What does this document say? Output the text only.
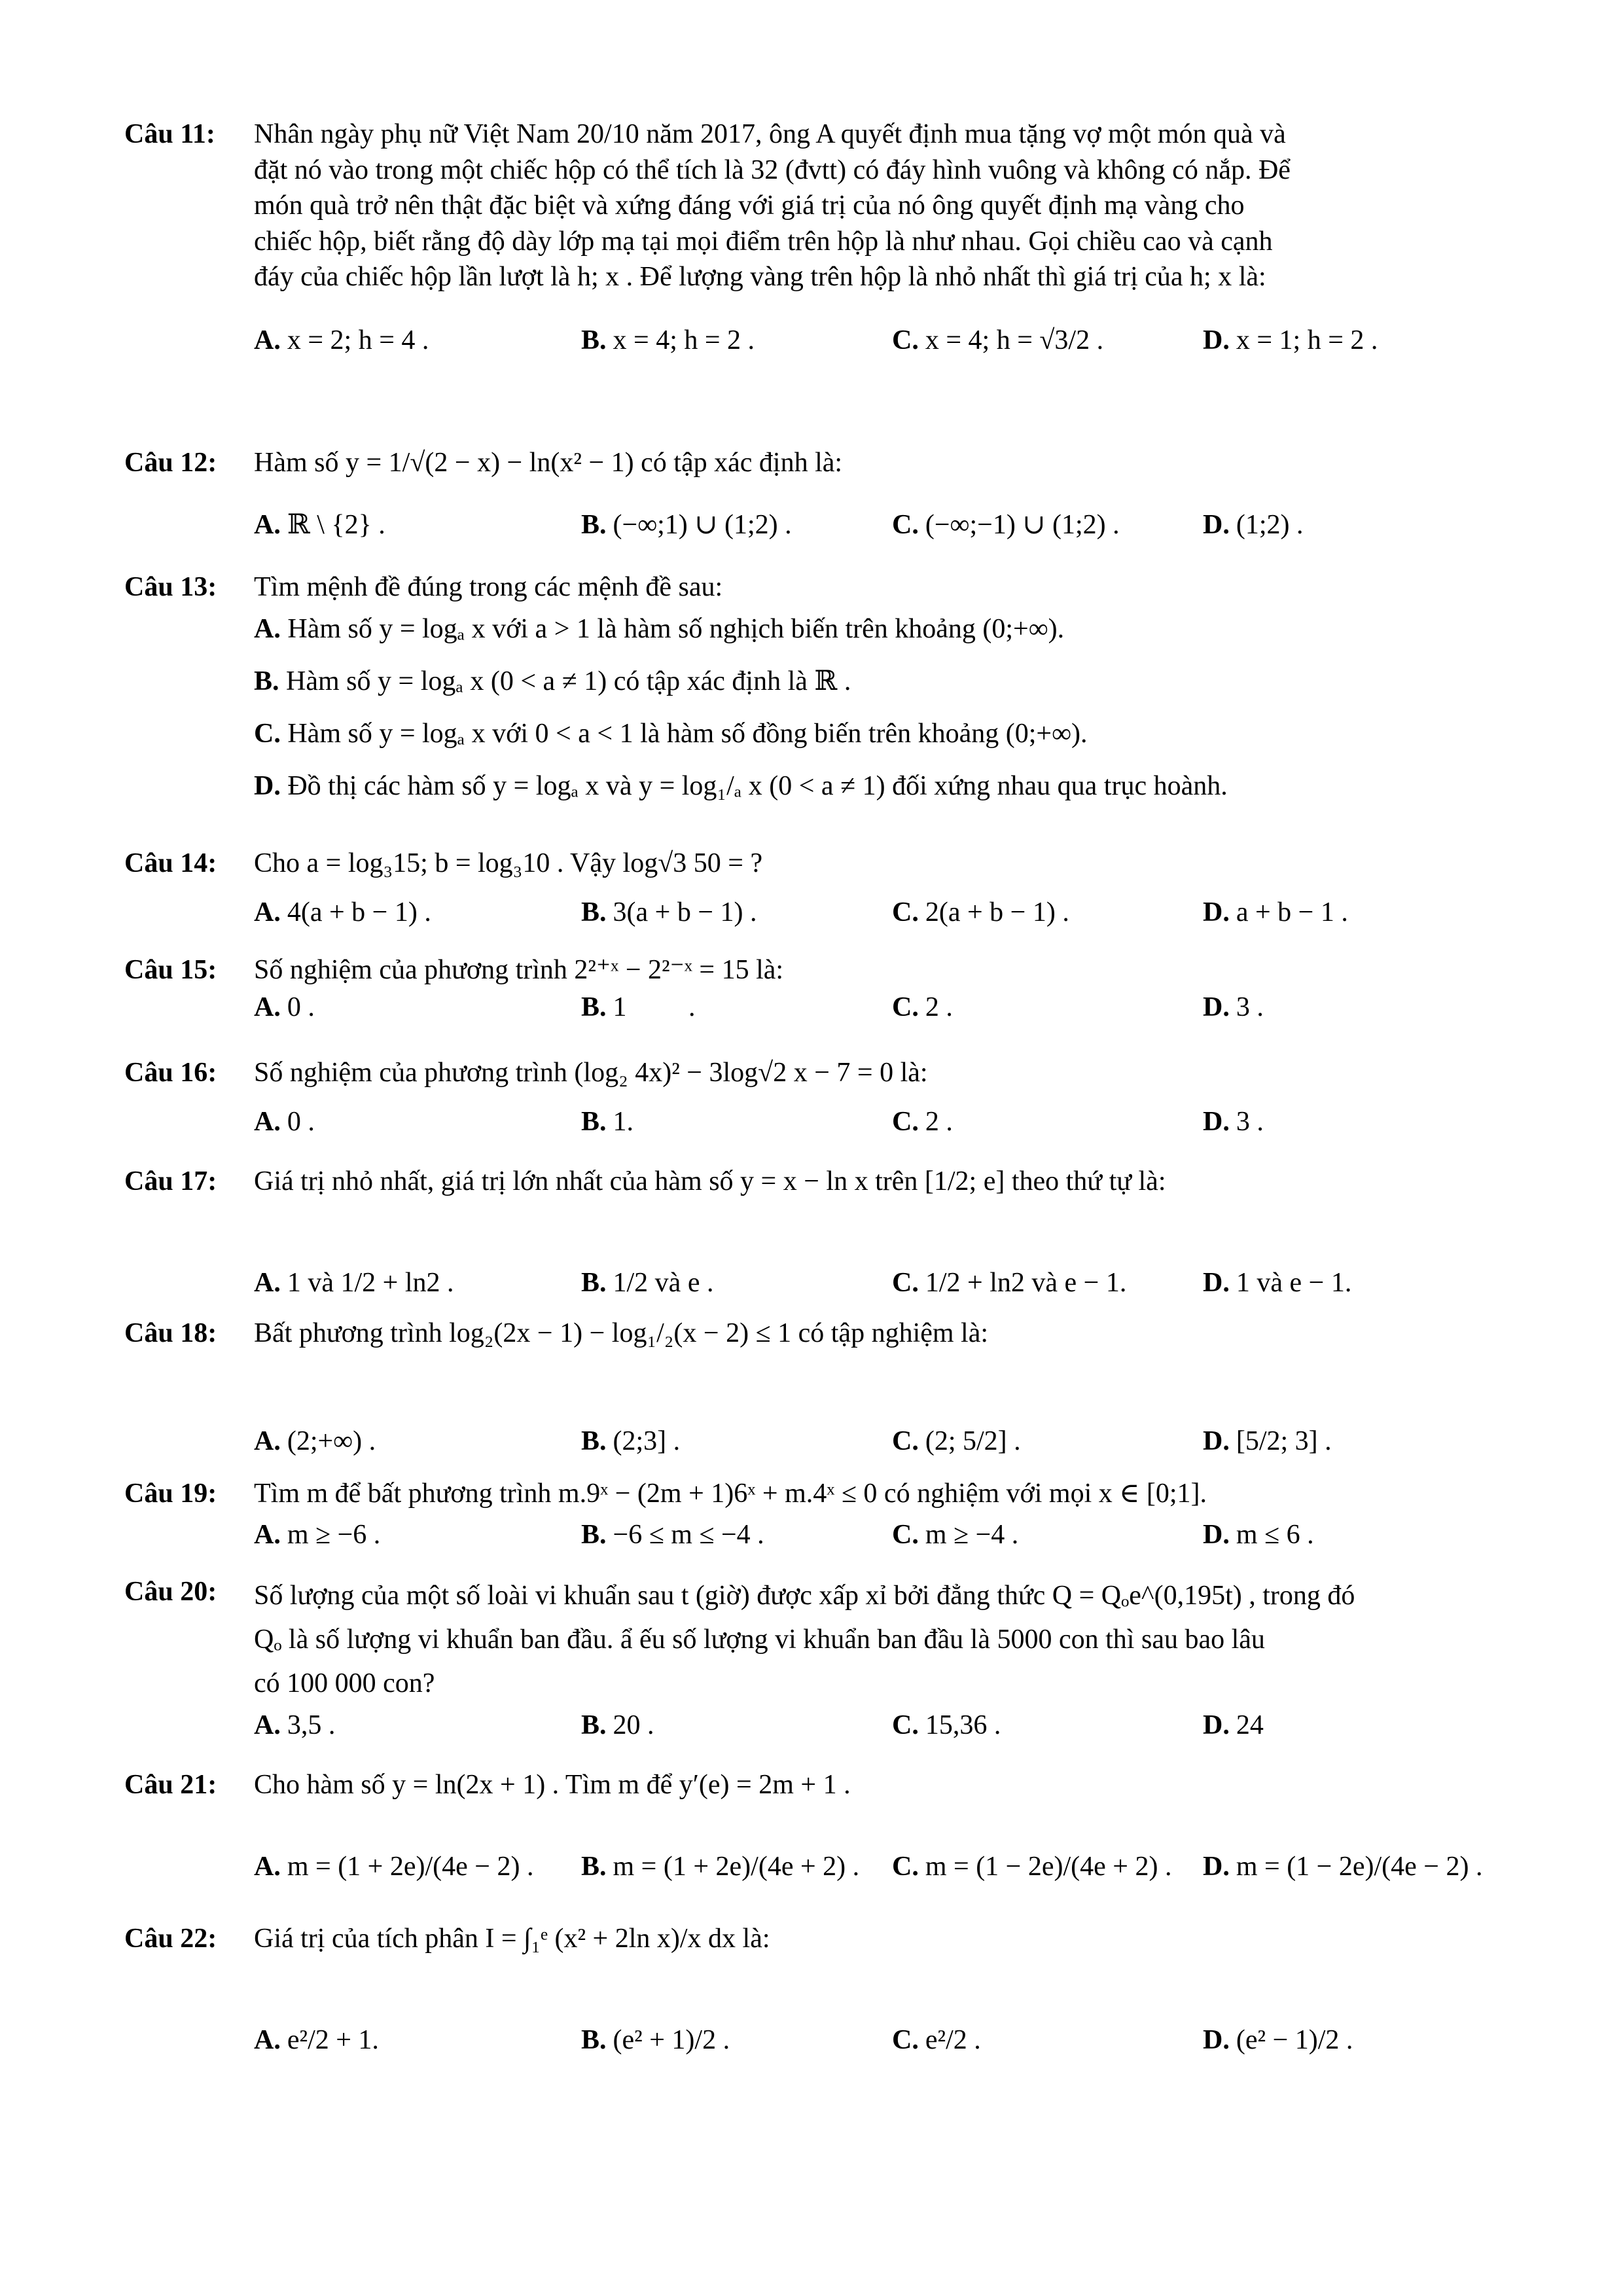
Câu 11:	Nhân ngày phụ nữ Việt Nam 20/10 năm 2017, ông A quyết định mua tặng vợ một món quà và
đặt nó vào trong một chiếc hộp có thể tích là 32 (đvtt) có đáy hình vuông và không có nắp. Để
món quà trở nên thật đặc biệt và xứng đáng với giá trị của nó ông quyết định mạ vàng cho
chiếc hộp, biết rằng độ dày lớp mạ tại mọi điểm trên hộp là như nhau. Gọi chiều cao và cạnh
đáy của chiếc hộp lần lượt là h; x . Để lượng vàng trên hộp là nhỏ nhất thì giá trị của h; x là:
A. x = 2; h = 4 .	B. x = 4; h = 2 .	C. x = 4; h = √3/2 .	D. x = 1; h = 2 .
Câu 12:	Hàm số y = 1/√(2 − x) − ln(x² − 1) có tập xác định là:
A. ℝ \ {2} .	B. (−∞;1) ∪ (1;2) .	C. (−∞;−1) ∪ (1;2) .	D. (1;2) .
Câu 13:	Tìm mệnh đề đúng trong các mệnh đề sau:
A. Hàm số y = logₐ x với a > 1 là hàm số nghịch biến trên khoảng (0;+∞).
B. Hàm số y = logₐ x (0 < a ≠ 1) có tập xác định là ℝ .
C. Hàm số y = logₐ x với 0 < a < 1 là hàm số đồng biến trên khoảng (0;+∞).
D. Đồ thị các hàm số y = logₐ x và y = log₁/ₐ x (0 < a ≠ 1) đối xứng nhau qua trục hoành.
Câu 14:	Cho a = log₃15; b = log₃10 . Vậy log√3 50 = ?
A. 4(a + b − 1) .	B. 3(a + b − 1) .	C. 2(a + b − 1) .	D. a + b − 1 .
Câu 15:	Số nghiệm của phương trình 2²⁺ˣ − 2²⁻ˣ = 15 là:
A. 0 .	B. 1         .	C. 2 .	D. 3 .
Câu 16:	Số nghiệm của phương trình (log₂ 4x)² − 3log√2 x − 7 = 0 là:
A. 0 .	B. 1.	C. 2 .	D. 3 .
Câu 17:	Giá trị nhỏ nhất, giá trị lớn nhất của hàm số y = x − ln x trên [1/2; e] theo thứ tự là:
A. 1 và 1/2 + ln2 .	B. 1/2 và e .	C. 1/2 + ln2 và e − 1.	D. 1 và e − 1.
Câu 18:	Bất phương trình log₂(2x − 1) − log₁/₂(x − 2) ≤ 1 có tập nghiệm là:
A. (2;+∞) .	B. (2;3] .	C. (2; 5/2] .	D. [5/2; 3] .
Câu 19:	Tìm m để bất phương trình m.9ˣ − (2m + 1)6ˣ + m.4ˣ ≤ 0 có nghiệm với mọi x ∈ [0;1].
A. m ≥ −6 .	B. −6 ≤ m ≤ −4 .	C. m ≥ −4 .	D. m ≤ 6 .
Câu 20:	Số lượng của một số loài vi khuẩn sau t (giờ) được xấp xỉ bởi đẳng thức Q = Qₒe^(0,195t) , trong đó
Qₒ là số lượng vi khuẩn ban đầu. ẩ ếu số lượng vi khuẩn ban đầu là 5000 con thì sau bao lâu
có 100 000 con?
A. 3,5 .	B. 20 .	C. 15,36 .	D. 24
Câu 21:	Cho hàm số y = ln(2x + 1) . Tìm m để y′(e) = 2m + 1 .
A. m = (1 + 2e)/(4e − 2) . B. m = (1 + 2e)/(4e + 2) . C. m = (1 − 2e)/(4e + 2) . D. m = (1 − 2e)/(4e − 2) .
Câu 22:	Giá trị của tích phân I = ∫₁ᵉ (x² + 2ln x)/x dx là:
A. e²/2 + 1.	B. (e² + 1)/2 .	C. e²/2 .	D. (e² − 1)/2 .
